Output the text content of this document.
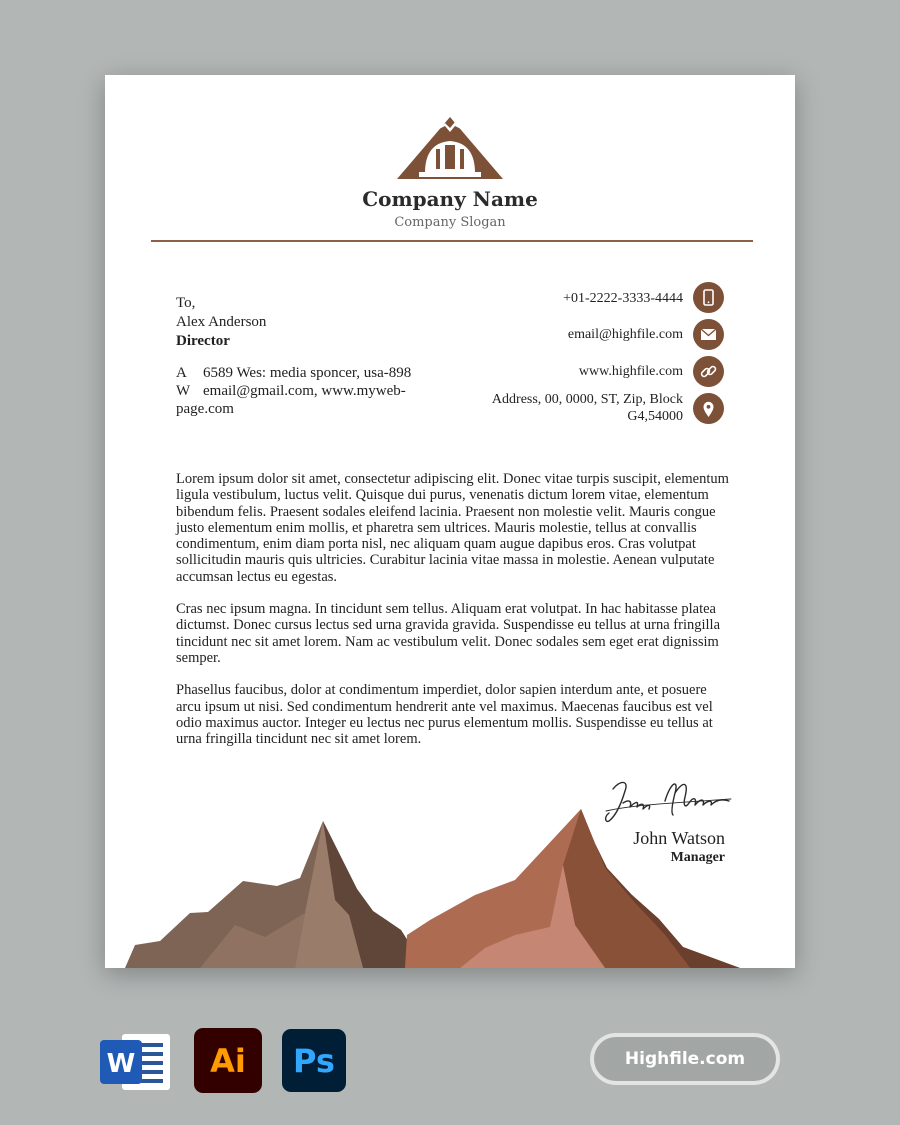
Company Name
Company Slogan
To,
Alex Anderson
Director
A	6589 Wes: media sponcer, usa-898
W email@gmail.com, www.myweb-
page.com
+01-2222-3333-4444
email@highfile.com
www.highfile.com
Address, 00, 0000, ST, Zip, Block
G4,54000

Lorem ipsum dolor sit amet, consectetur adipiscing elit. Donec vitae turpis suscipit, elementum ligula vestibulum, luctus velit. Quisque dui purus, venenatis dictum lorem vitae, elementum bibendum felis. Praesent sodales eleifend lacinia. Praesent non molestie velit. Mauris congue justo elementum enim mollis, et pharetra sem ultrices. Mauris molestie, tellus at convallis condimentum, enim diam porta nisl, nec aliquam quam augue dapibus eros. Cras volutpat sollicitudin mauris quis ultricies. Curabitur lacinia vitae massa in molestie. Aenean vulputate accumsan lectus eu egestas.

Cras nec ipsum magna. In tincidunt sem tellus. Aliquam erat volutpat. In hac habitasse platea dictumst. Donec cursus lectus sed urna gravida gravida. Suspendisse eu tellus at urna fringilla tincidunt nec sit amet lorem. Nam ac vestibulum velit. Donec sodales sem eget erat dignissim semper.

Phasellus faucibus, dolor at condimentum imperdiet, dolor sapien interdum ante, et posuere arcu ipsum ut nisi. Sed condimentum hendrerit ante vel maximus. Maecenas faucibus est vel odio maximus auctor. Integer eu lectus nec purus elementum mollis. Suspendisse eu tellus at urna fringilla tincidunt nec sit amet lorem.

John Watson
Manager
W	Ai	Ps	Highfile.com
